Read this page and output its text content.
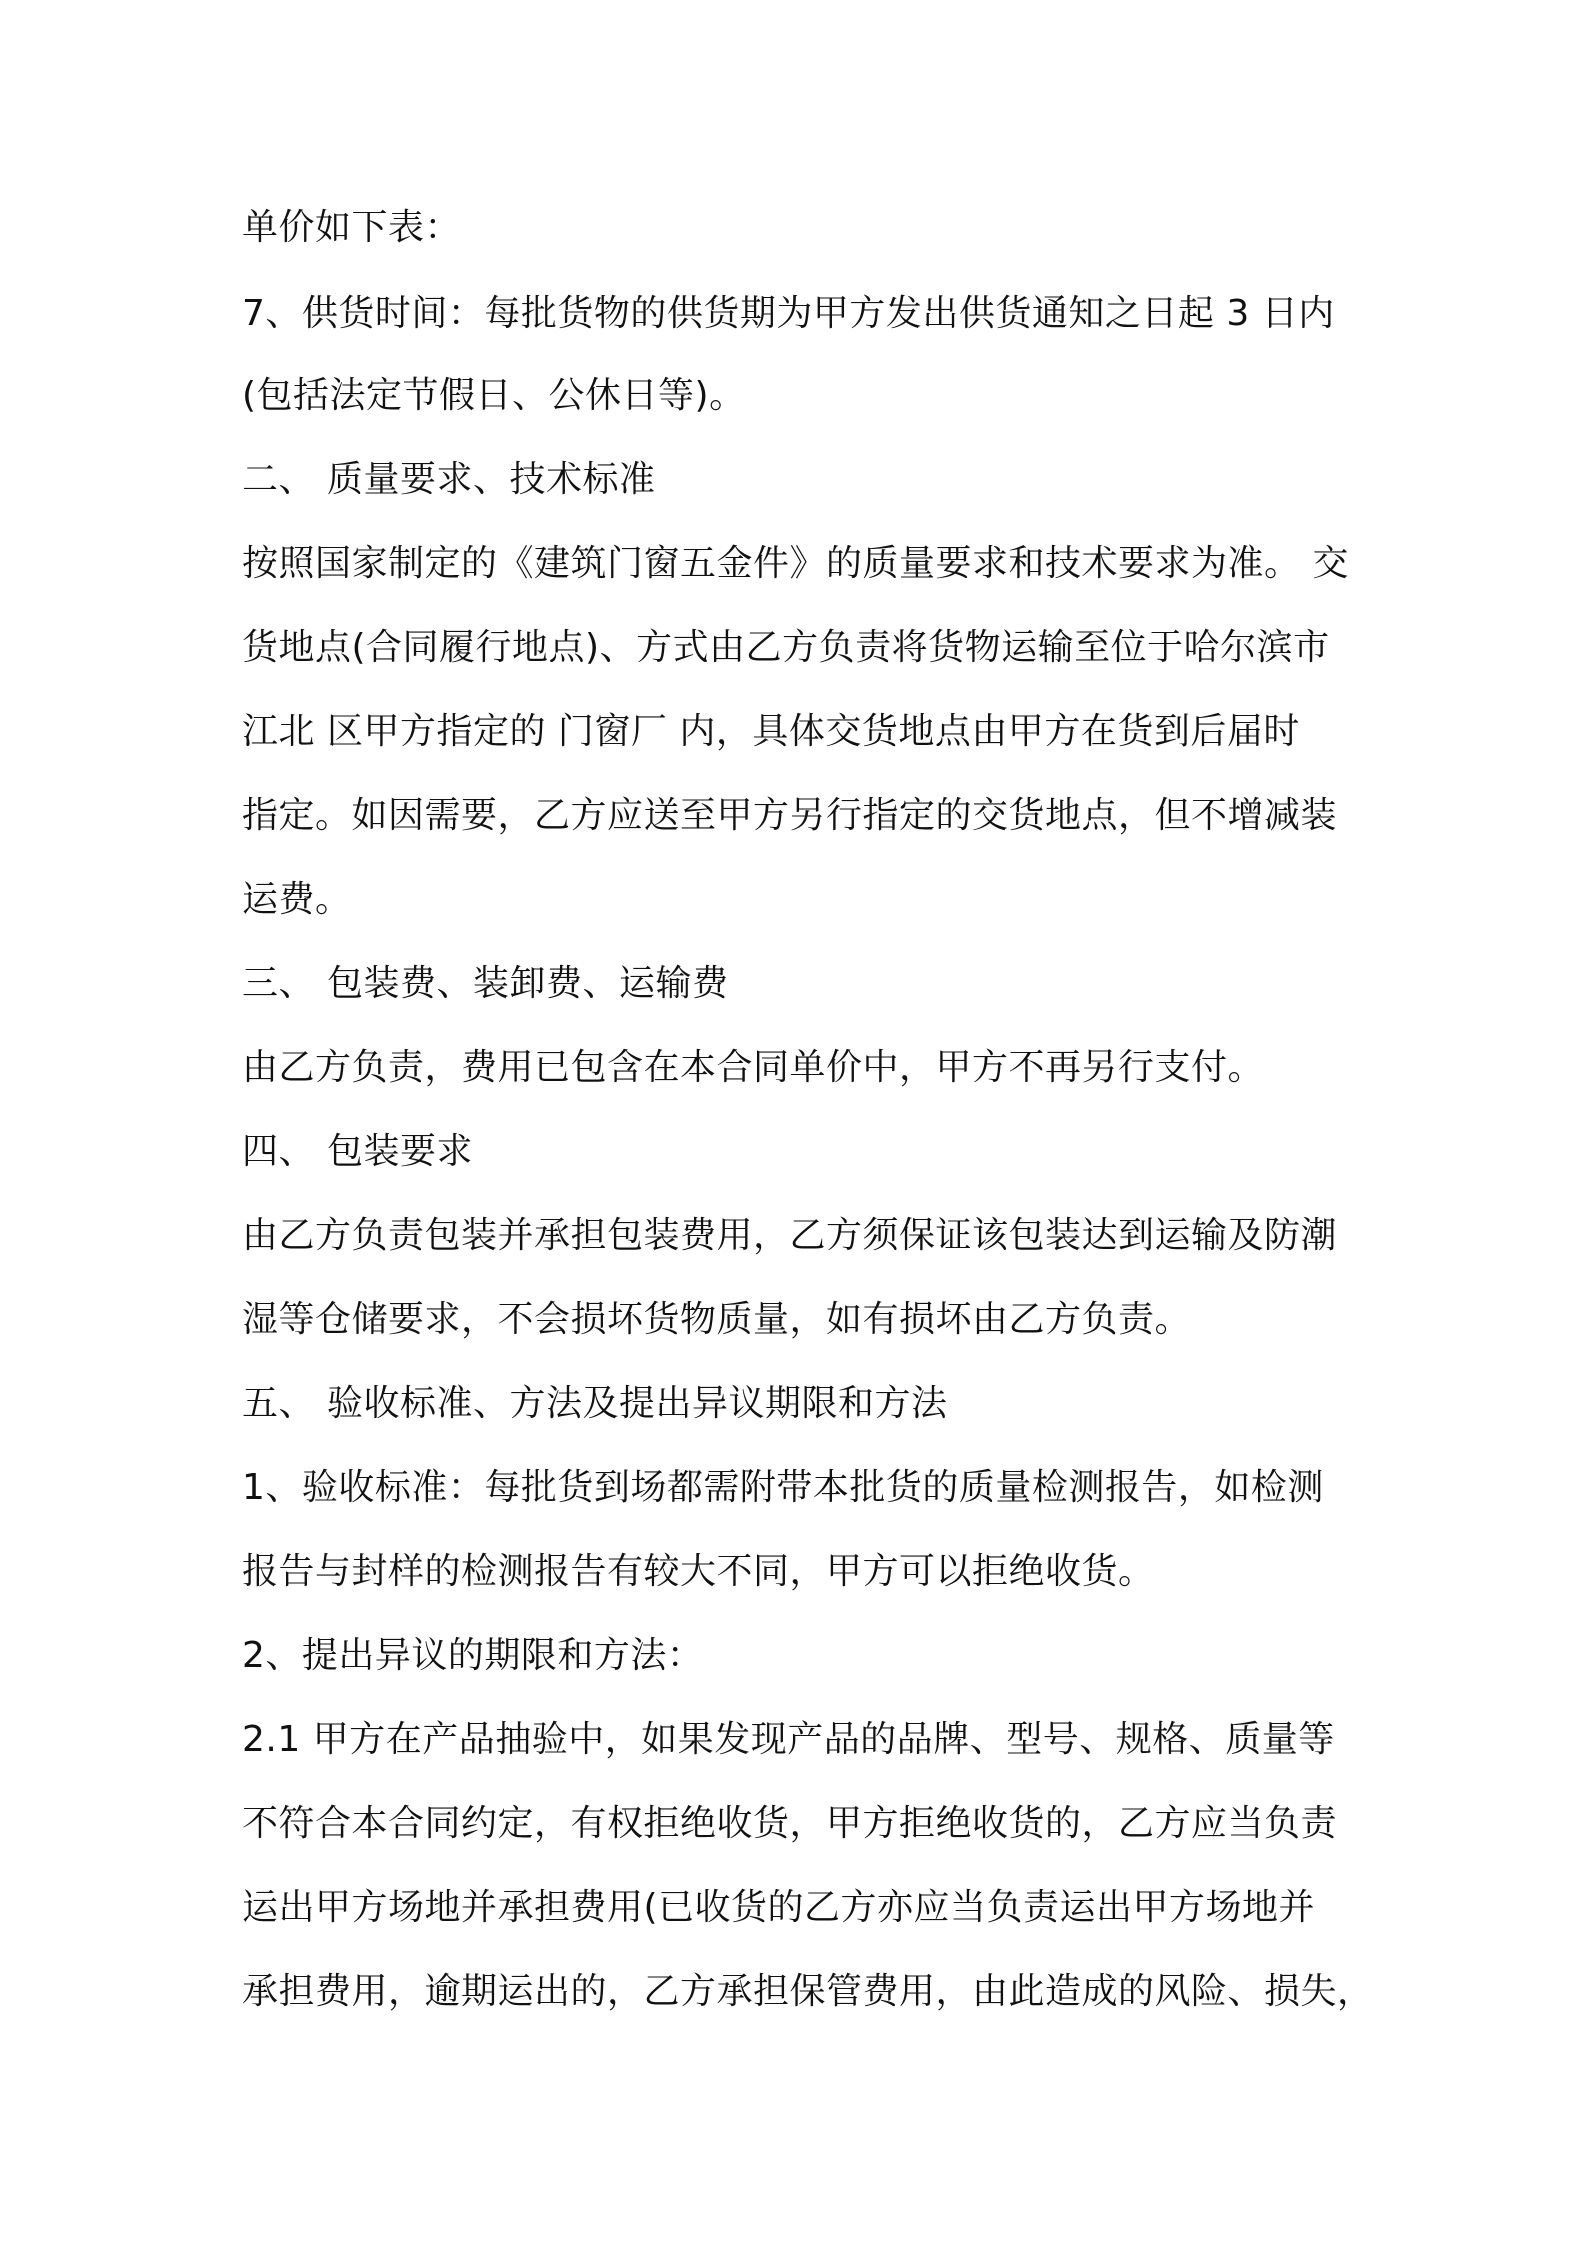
单价如下表：
7、供货时间：每批货物的供货期为甲方发出供货通知之日起 3 日内
(包括法定节假日、公休日等)。
二、 质量要求、技术标准
按照国家制定的《建筑门窗五金件》的质量要求和技术要求为准。 交
货地点(合同履行地点)、方式由乙方负责将货物运输至位于哈尔滨市
江北 区甲方指定的 门窗厂 内，具体交货地点由甲方在货到后届时
指定。如因需要，乙方应送至甲方另行指定的交货地点，但不增减装
运费。
三、 包装费、装卸费、运输费
由乙方负责，费用已包含在本合同单价中，甲方不再另行支付。
四、 包装要求
由乙方负责包装并承担包装费用，乙方须保证该包装达到运输及防潮
湿等仓储要求，不会损坏货物质量，如有损坏由乙方负责。
五、 验收标准、方法及提出异议期限和方法
1、验收标准：每批货到场都需附带本批货的质量检测报告，如检测
报告与封样的检测报告有较大不同，甲方可以拒绝收货。
2、提出异议的期限和方法：
2.1 甲方在产品抽验中，如果发现产品的品牌、型号、规格、质量等
不符合本合同约定，有权拒绝收货，甲方拒绝收货的，乙方应当负责
运出甲方场地并承担费用(已收货的乙方亦应当负责运出甲方场地并
承担费用，逾期运出的，乙方承担保管费用，由此造成的风险、损失，
